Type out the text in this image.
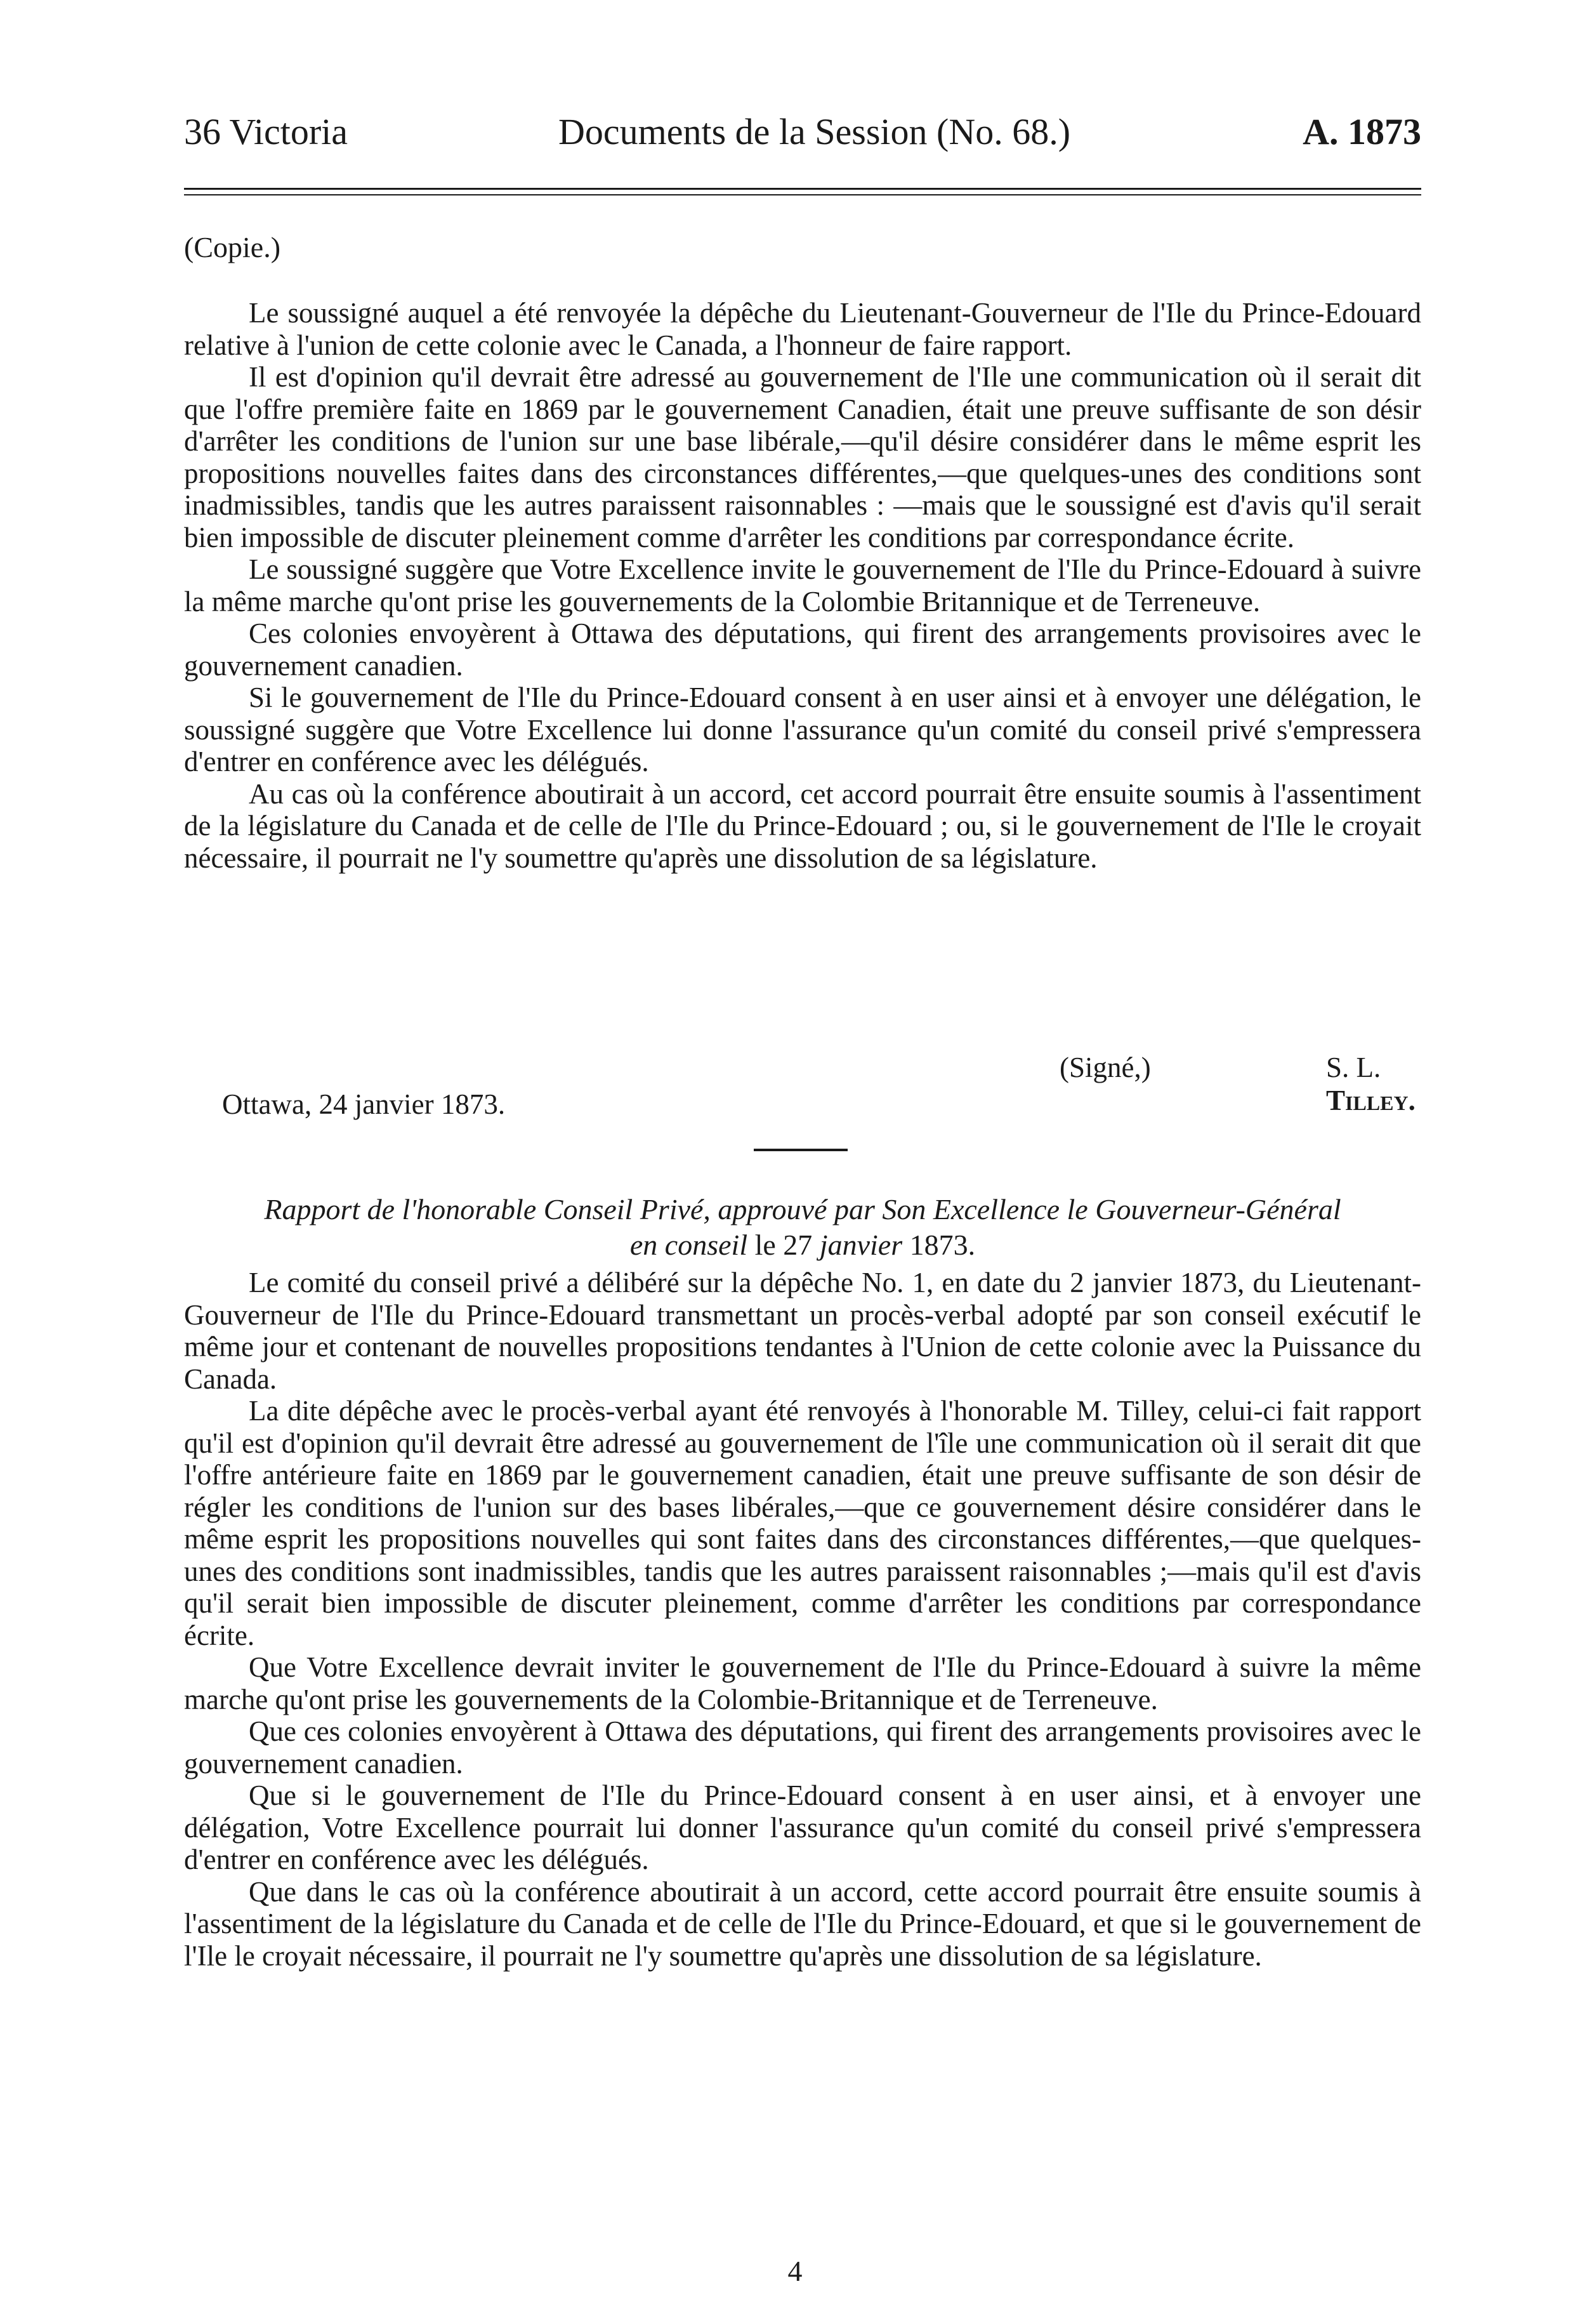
36 Victoria	Documents de la Session (No. 68.)	A. 1873
(Copie.)

Le soussigné auquel a été renvoyée la dépêche du Lieutenant-Gouverneur de l'Ile du Prince-Edouard relative à l'union de cette colonie avec le Canada, a l'honneur de faire rapport.

Il est d'opinion qu'il devrait être adressé au gouvernement de l'Ile une communication où il serait dit que l'offre première faite en 1869 par le gouvernement Canadien, était une preuve suffisante de son désir d'arrêter les conditions de l'union sur une base libérale,—qu'il désire considérer dans le même esprit les propositions nouvelles faites dans des circonstances différentes,—que quelques-unes des conditions sont inadmissibles, tandis que les autres paraissent raisonnables : —mais que le soussigné est d'avis qu'il serait bien impossible de discuter pleinement comme d'arrêter les conditions par correspondance écrite.

Le soussigné suggère que Votre Excellence invite le gouvernement de l'Ile du Prince-Edouard à suivre la même marche qu'ont prise les gouvernements de la Colombie Britannique et de Terreneuve.

Ces colonies envoyèrent à Ottawa des députations, qui firent des arrangements provisoires avec le gouvernement canadien.

Si le gouvernement de l'Ile du Prince-Edouard consent à en user ainsi et à envoyer une délégation, le soussigné suggère que Votre Excellence lui donne l'assurance qu'un comité du conseil privé s'empressera d'entrer en conférence avec les délégués.

Au cas où la conférence aboutirait à un accord, cet accord pourrait être ensuite soumis à l'assentiment de la législature du Canada et de celle de l'Ile du Prince-Edouard ; ou, si le gouvernement de l'Ile le croyait nécessaire, il pourrait ne l'y soumettre qu'après une dissolution de sa législature.

(Signé,)	S. L. Tilley.
Ottawa, 24 janvier 1873.
Rapport de l'honorable Conseil Privé, approuvé par Son Excellence le Gouverneur-Général
en conseil le 27 janvier 1873.

Le comité du conseil privé a délibéré sur la dépêche No. 1, en date du 2 janvier 1873, du Lieutenant-Gouverneur de l'Ile du Prince-Edouard transmettant un procès-verbal adopté par son conseil exécutif le même jour et contenant de nouvelles propositions tendantes à l'Union de cette colonie avec la Puissance du Canada.

La dite dépêche avec le procès-verbal ayant été renvoyés à l'honorable M. Tilley, celui-ci fait rapport qu'il est d'opinion qu'il devrait être adressé au gouvernement de l'île une communication où il serait dit que l'offre antérieure faite en 1869 par le gouvernement canadien, était une preuve suffisante de son désir de régler les conditions de l'union sur des bases libérales,—que ce gouvernement désire considérer dans le même esprit les propositions nouvelles qui sont faites dans des circonstances différentes,—que quelques-unes des conditions sont inadmissibles, tandis que les autres paraissent raisonnables ;—mais qu'il est d'avis qu'il serait bien impossible de discuter pleinement, comme d'arrêter les conditions par correspondance écrite.

Que Votre Excellence devrait inviter le gouvernement de l'Ile du Prince-Edouard à suivre la même marche qu'ont prise les gouvernements de la Colombie-Britannique et de Terreneuve.

Que ces colonies envoyèrent à Ottawa des députations, qui firent des arrangements provisoires avec le gouvernement canadien.

Que si le gouvernement de l'Ile du Prince-Edouard consent à en user ainsi, et à envoyer une délégation, Votre Excellence pourrait lui donner l'assurance qu'un comité du conseil privé s'empressera d'entrer en conférence avec les délégués.

Que dans le cas où la conférence aboutirait à un accord, cette accord pourrait être ensuite soumis à l'assentiment de la législature du Canada et de celle de l'Ile du Prince-Edouard, et que si le gouvernement de l'Ile le croyait nécessaire, il pourrait ne l'y soumettre qu'après une dissolution de sa législature.

4
